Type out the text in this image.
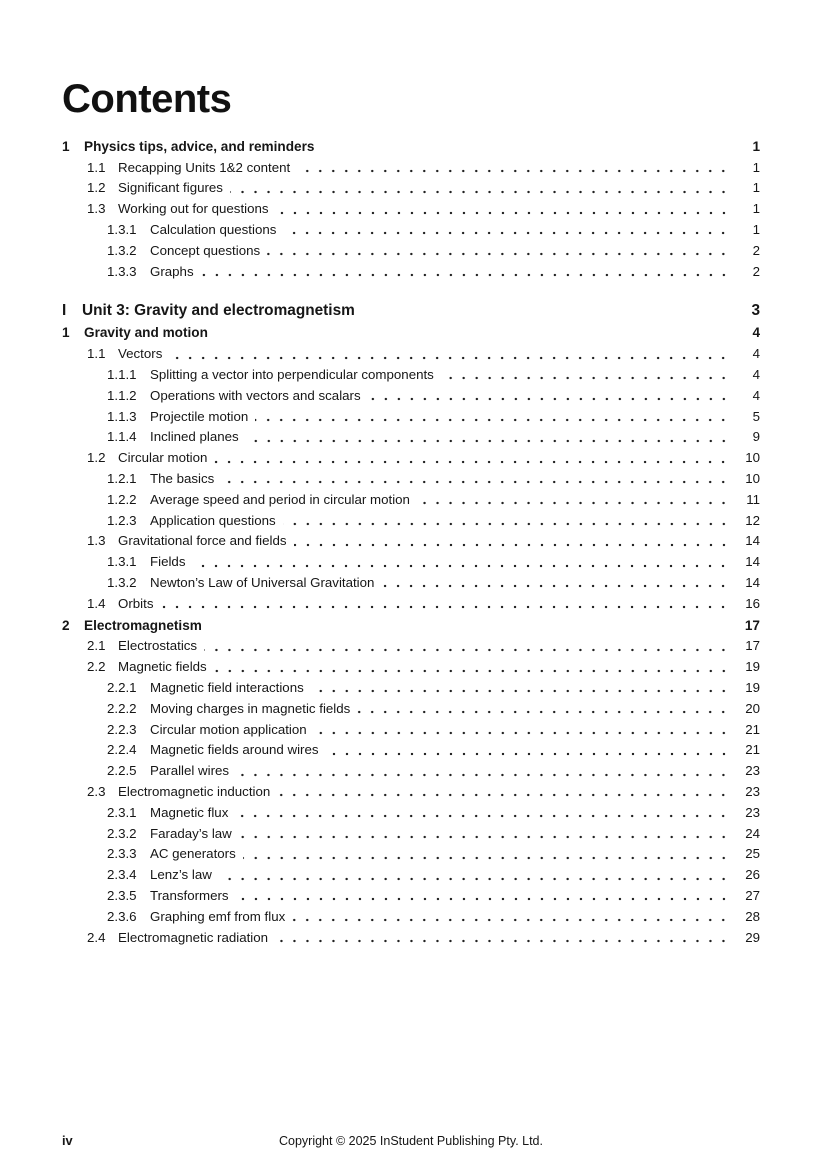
Contents
1	Physics tips, advice, and reminders	1
1.1 Recapping Units 1&2 content	1
1.2 Significant figures	1
1.3 Working out for questions	1
1.3.1	Calculation questions	1
1.3.2	Concept questions	2
1.3.3	Graphs	2
I	Unit 3: Gravity and electromagnetism	3
1	Gravity and motion	4
1.1 Vectors	4
1.1.1	Splitting a vector into perpendicular components	4
1.1.2	Operations with vectors and scalars	4
1.1.3	Projectile motion	5
1.1.4	Inclined planes	9
1.2 Circular motion	10
1.2.1	The basics	10
1.2.2	Average speed and period in circular motion	11
1.2.3	Application questions	12
1.3 Gravitational force and fields	14
1.3.1	Fields	14
1.3.2	Newton’s Law of Universal Gravitation	14
1.4 Orbits	16
2	Electromagnetism	17
2.1 Electrostatics	17
2.2 Magnetic fields	19
2.2.1	Magnetic field interactions	19
2.2.2	Moving charges in magnetic fields	20
2.2.3	Circular motion application	21
2.2.4	Magnetic fields around wires	21
2.2.5	Parallel wires	23
2.3 Electromagnetic induction	23
2.3.1	Magnetic flux	23
2.3.2	Faraday’s law	24
2.3.3	AC generators	25
2.3.4	Lenz’s law	26
2.3.5	Transformers	27
2.3.6	Graphing emf from flux	28
2.4 Electromagnetic radiation	29
iv	Copyright © 2025 InStudent Publishing Pty. Ltd.
